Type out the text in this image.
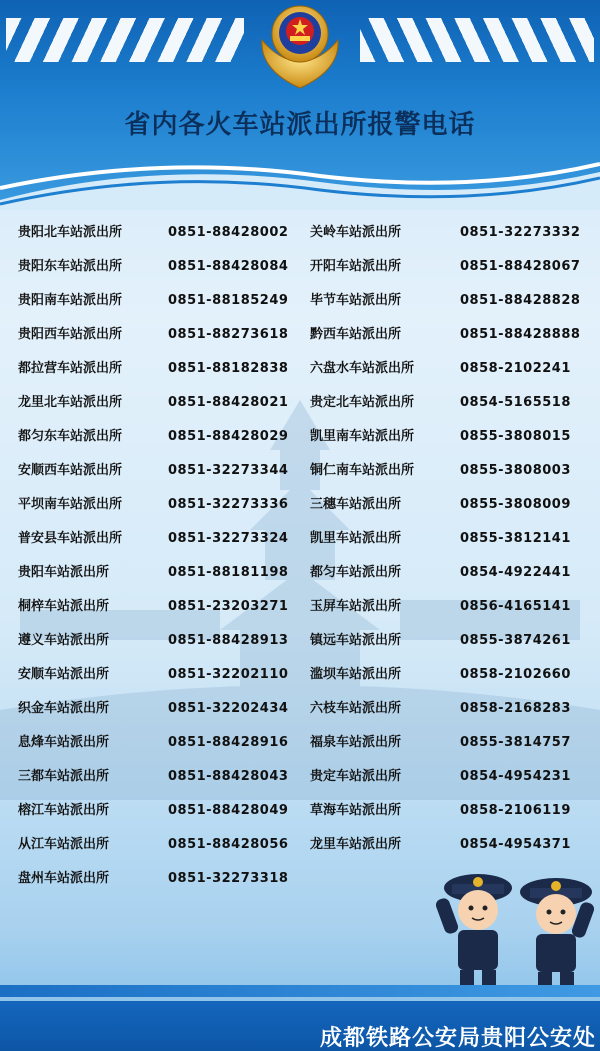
省内各火车站派出所报警电话
贵阳北车站派出所	0851-88428002 关岭车站派出所	0851-32273332
贵阳东车站派出所	0851-88428084 开阳车站派出所	0851-88428067
贵阳南车站派出所	0851-88185249 毕节车站派出所	0851-88428828
贵阳西车站派出所	0851-88273618 黔西车站派出所	0851-88428888
都拉营车站派出所	0851-88182838 六盘水车站派出所	0858-2102241
龙里北车站派出所	0851-88428021 贵定北车站派出所	0854-5165518
都匀东车站派出所	0851-88428029 凯里南车站派出所	0855-3808015
安顺西车站派出所	0851-32273344 铜仁南车站派出所	0855-3808003
平坝南车站派出所	0851-32273336 三穗车站派出所	0855-3808009
普安县车站派出所	0851-32273324 凯里车站派出所	0855-3812141
贵阳车站派出所	0851-88181198 都匀车站派出所	0854-4922441
桐梓车站派出所	0851-23203271 玉屏车站派出所	0856-4165141
遵义车站派出所	0851-88428913 镇远车站派出所	0855-3874261
安顺车站派出所	0851-32202110 滥坝车站派出所	0858-2102660
织金车站派出所	0851-32202434 六枝车站派出所	0858-2168283
息烽车站派出所	0851-88428916 福泉车站派出所	0855-3814757
三都车站派出所	0851-88428043 贵定车站派出所	0854-4954231
榕江车站派出所	0851-88428049 草海车站派出所	0858-2106119
从江车站派出所	0851-88428056 龙里车站派出所	0854-4954371
盘州车站派出所	0851-32273318
成都铁路公安局贵阳公安处
